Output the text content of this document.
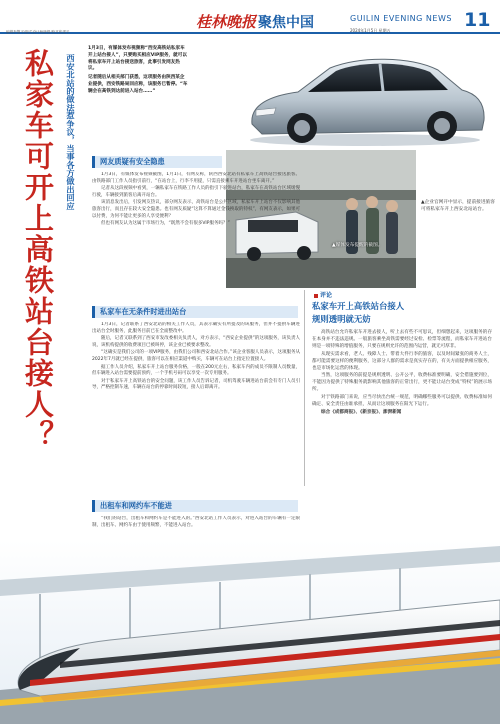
编辑李馨平/版式设计杨晓倩/校对张建平
桂林晚报 聚焦中国	GUILIN EVENING NEWS
2024年1月5日 星期五	11
私家车可开上高铁站台接人？	西安北站的做法惹争议，当事各方做出回应

1月3日，有媒体发布视频称“西安高铁站私家车开上站台接人”，只要购买相应VIP服务，就可以将私家车开上站台接送旅客，此事引发网友热议。

记者随后从相关部门获悉，这项服务由陕西某企业提供，西安铁路局回应称，该服务已暂停。“车辆会在高铁到达前进入站台……”

▲企业官网开中显示，提前接进旅客可将私家车开上西安北站站台。
▲媒体发布提醒的截图。
网友质疑有安全隐患

1月3日，有媒体发布视频截图，1月1日，有网友称，陕西西安北站有私家车上高铁站台接送旅客。由铁路部门工作人员指引前行，“在站台上，行李不用提，只需直接乘车开进站台坐车离开。”

记者从这段视频中看到，一辆私家车在铁路工作人员的指引下驶进站台，私家车在高铁站台区域缓慢行驶，车辆接到旅客后离开站台。

该消息发出后，引发网友热议，部分网友表示，高铁站台是公共区域，私家车开上站台不仅影响其他旅客出行，而且存在较大安全隐患。也有网友质疑“这算不算通过金钱换取的特权”，有网友表示，如果可以付费，为何不能让更多的人享受便利？

但也有网友认为这属于市场行为，“既然不会有很多VIP服务吗？”

私家车在无条件时进出站台

1月3日，记者联系了西安北站的相关工作人员，其表示确实有所提及的该服务，但并不提供车辆进出站台全时服务，此服务目前已在全面整改中。

随后，记者又联系到了西安市发改委相关负责人，对方表示，“西安企业提供”的这项服务，该负责人说，该机构提供的收费项目已被叫停，该企业已被要求整改。

“这确实是我们公司的一项VIP服务，由我们公司和西安北站合作。”该企业客服人员表示，这项服务从2022年7月就已经在提供，旅客可以在相应渠道中购买，车辆可在站台上指定位置接人。

据工作人员介绍，私家车开上站台服务价格，一般在200元左右，私家车内的成员不限制人员数量，但车辆进入站台需要提前预约，一个手机号码可以享受一次专用服务。

对于私家车开上高铁站台的安全问题，该工作人员告诉记者，司机驾驶车辆进站台前会有专门人员引导，严格控制车速，车辆在站台的停靠时间较短，接人后即离开。

出租车和网约车不能进

“我们的站台，出租车和网约车是不能进入的。”西安北站工作人员表示，对进入站台的车辆有一定限制，出租车、网约车由于使用频繁，不能进入站台。

评论
私家车开上高铁站台接人
规则透明就无妨

高铁站台允许私家车开进去接人，听上去有些不可思议，但细想起来，这项服务的存在本身并不违法违规。一般旅客乘坐高铁需要经过安检、检票等流程，而私家车开进站台则是一项特殊的增值服务，只要在规则允许的范围内运营，就无可厚非。

从现实需求看，老人、残障人士、带着大件行李的旅客，以及时间紧张的商务人士，都可能需要这样的便利服务，这部分人群的需求是真实存在的，有关方面提供相应服务，也是市场化运营的体现。

当然，这项服务的前提是规则透明、公开公平，收费标准要明确，安全措施要到位，不能因为提供了特殊服务就影响其他旅客的正常出行，更不能让站台变成“特权”的展示场所。

对于铁路部门来说，应当尽快出台统一规范，明确哪些服务可以提供、收费标准如何确定、安全责任由谁承担，从而让这项服务在阳光下运行。

综合《成都商报》、《新京报》、澎湃新闻
